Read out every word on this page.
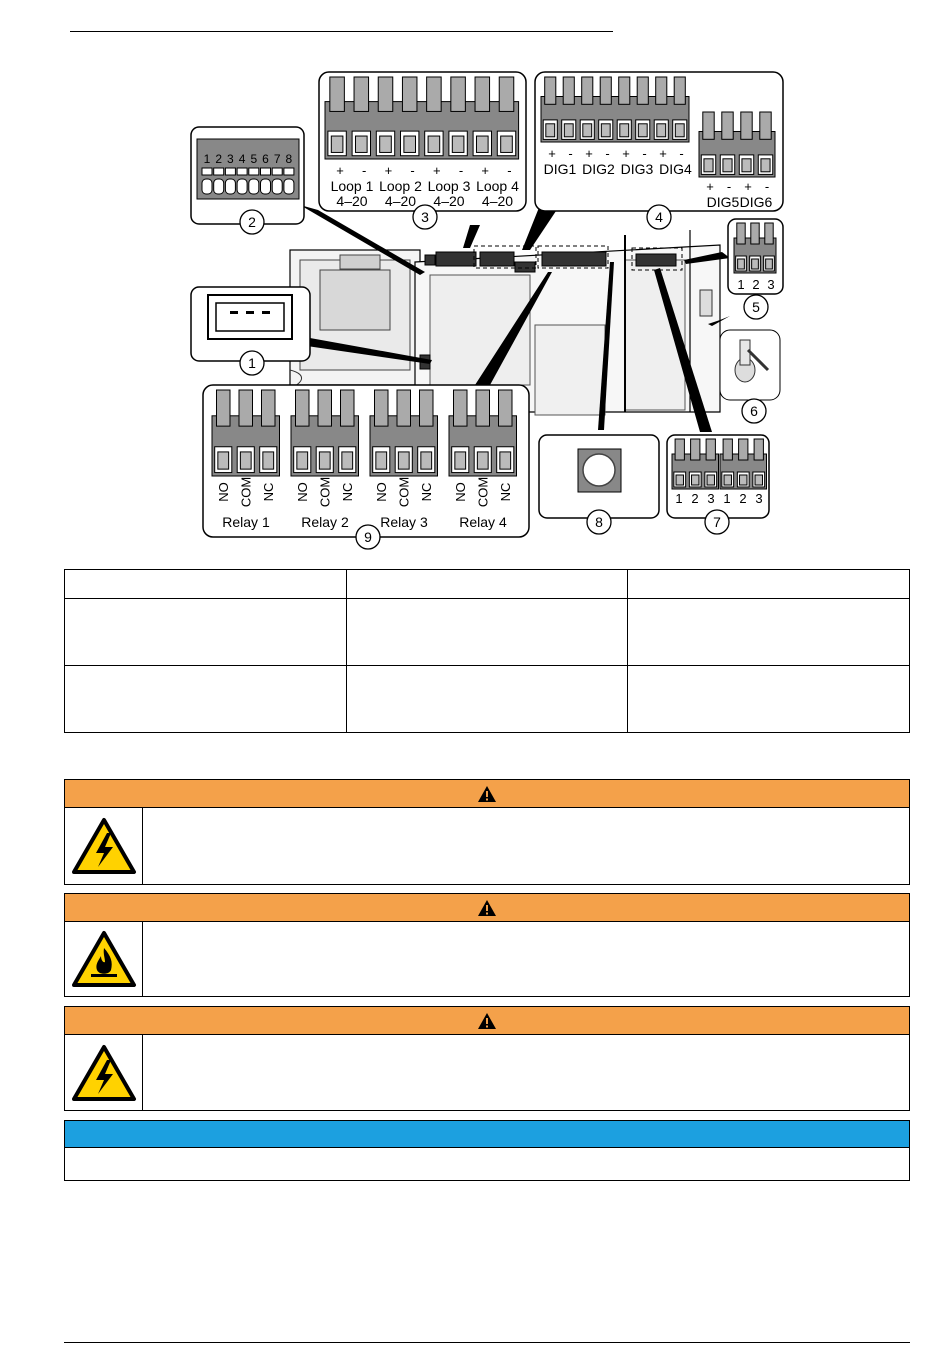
1 2 3 4 5 6 7 8
+ - + - + - + -
Loop 1
4–20
Loop 2
4–20
Loop 3
4–20
Loop 4
4–20
+ - + - + - + -
DIG1 DIG2 DIG3 DIG4
+ - + -
DIG5 DIG6
1 2 3
NO COM NC
Relay 1
NO COM NC
Relay 2
NO COM NC
Relay 3
NO COM NC
Relay 4
1 2 3 1 2 3
1
2	3	4
5
6
7
8
9
